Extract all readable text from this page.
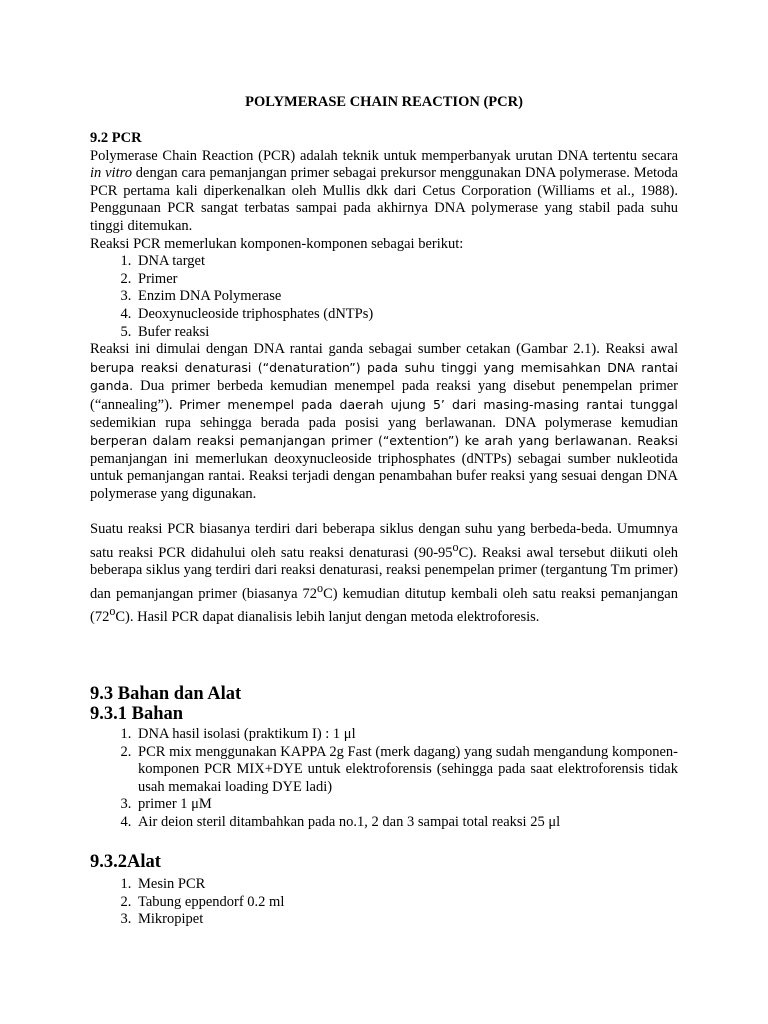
POLYMERASE CHAIN REACTION (PCR)
9.2 PCR
Polymerase Chain Reaction (PCR) adalah teknik untuk memperbanyak urutan DNA tertentu secara in vitro dengan cara pemanjangan primer sebagai prekursor menggunakan DNA polymerase. Metoda PCR pertama kali diperkenalkan oleh Mullis dkk dari Cetus Corporation (Williams et al., 1988). Penggunaan PCR sangat terbatas sampai pada akhirnya DNA polymerase yang stabil pada suhu tinggi ditemukan.
Reaksi PCR memerlukan komponen-komponen sebagai berikut:
1. DNA target
2. Primer
3. Enzim DNA Polymerase
4. Deoxynucleoside triphosphates (dNTPs)
5. Bufer reaksi
Reaksi ini dimulai dengan DNA rantai ganda sebagai sumber cetakan (Gambar 2.1). Reaksi awal berupa reaksi denaturasi (“denaturation”) pada suhu tinggi yang memisahkan DNA rantai ganda. Dua primer berbeda kemudian menempel pada reaksi yang disebut penempelan primer (“annealing”). Primer menempel pada daerah ujung 5’ dari masing-masing rantai tunggal sedemikian rupa sehingga berada pada posisi yang berlawanan. DNA polymerase kemudian berperan dalam reaksi pemanjangan primer (“extention”) ke arah yang berlawanan. Reaksi pemanjangan ini memerlukan deoxynucleoside triphosphates (dNTPs) sebagai sumber nukleotida untuk pemanjangan rantai. Reaksi terjadi dengan penambahan bufer reaksi yang sesuai dengan DNA polymerase yang digunakan.
Suatu reaksi PCR biasanya terdiri dari beberapa siklus dengan suhu yang berbeda-beda. Umumnya satu reaksi PCR didahului oleh satu reaksi denaturasi (90-95$^o$C). Reaksi awal tersebut diikuti oleh beberapa siklus yang terdiri dari reaksi denaturasi, reaksi penempelan primer (tergantung Tm primer) dan pemanjangan primer (biasanya 72$^o$C) kemudian ditutup kembali oleh satu reaksi pemanjangan (72$^o$C). Hasil PCR dapat dianalisis lebih lanjut dengan metoda elektroforesis.
9.3 Bahan dan Alat
9.3.1 Bahan
1. DNA hasil isolasi (praktikum I) : 1 μl
2. PCR mix menggunakan KAPPA 2g Fast (merk dagang) yang sudah mengandung komponen-komponen PCR MIX+DYE untuk elektroforensis (sehingga pada saat elektroforensis tidak usah memakai loading DYE ladi)
3. primer 1 μM
4. Air deion steril ditambahkan pada no.1, 2 dan 3 sampai total reaksi 25 μl
9.3.2Alat
1. Mesin PCR
2. Tabung eppendorf 0.2 ml
3. Mikropipet
